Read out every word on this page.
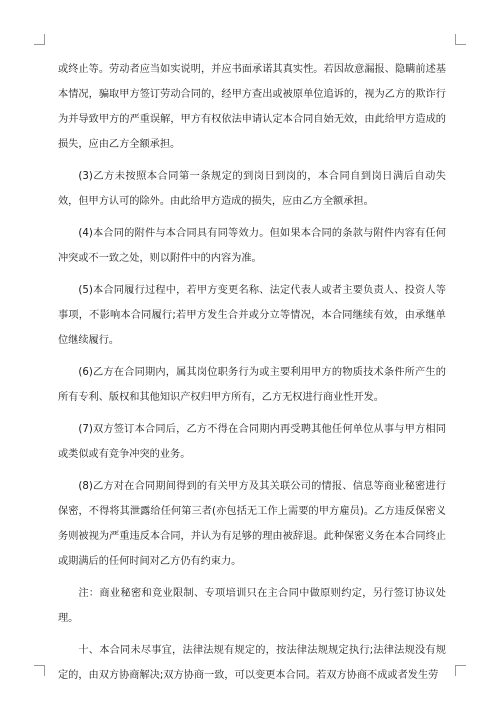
或终止等。劳动者应当如实说明，并应书面承诺其真实性。若因故意漏报、隐瞒前述基本情况，骗取甲方签订劳动合同的，经甲方查出或被原单位追诉的，视为乙方的欺诈行为并导致甲方的严重误解，甲方有权依法申请认定本合同自始无效，由此给甲方造成的损失，应由乙方全额承担。

(3)乙方未按照本合同第一条规定的到岗日到岗的，本合同自到岗日满后自动失效，但甲方认可的除外。由此给甲方造成的损失，应由乙方全额承担。

(4)本合同的附件与本合同具有同等效力。但如果本合同的条款与附件内容有任何冲突或不一致之处，则以附件中的内容为准。

(5)本合同履行过程中，若甲方变更名称、法定代表人或者主要负责人、投资人等事项，不影响本合同履行;若甲方发生合并或分立等情况，本合同继续有效，由承继单位继续履行。

(6)乙方在合同期内，属其岗位职务行为或主要利用甲方的物质技术条件所产生的所有专利、版权和其他知识产权归甲方所有，乙方无权进行商业性开发。

(7)双方签订本合同后，乙方不得在合同期内再受聘其他任何单位从事与甲方相同或类似或有竞争冲突的业务。

(8)乙方对在合同期间得到的有关甲方及其关联公司的情报、信息等商业秘密进行保密，不得将其泄露给任何第三者(亦包括无工作上需要的甲方雇员)。乙方违反保密义务则被视为严重违反本合同，并认为有足够的理由被辞退。此种保密义务在本合同终止或期满后的任何时间对乙方仍有约束力。

注：商业秘密和竞业限制、专项培训只在主合同中做原则约定，另行签订协议处理。

十、本合同未尽事宜，法律法规有规定的，按法律法规规定执行;法律法规没有规定的，由双方协商解决;双方协商一致，可以变更本合同。若双方协商不成或者发生劳
